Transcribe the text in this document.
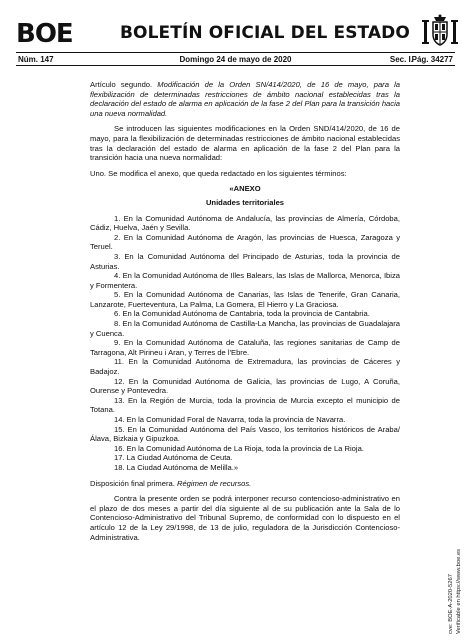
BOE	BOLETÍN OFICIAL DEL ESTADO
Núm. 147	Domingo 24 de mayo de 2020	Sec. I.
Pág. 34277

Artículo segundo. Modificación de la Orden SN/414/2020, de 16 de mayo, para la flexibilización de determinadas restricciones de ámbito nacional establecidas tras la declaración del estado de alarma en aplicación de la fase 2 del Plan para la transición hacia una nueva normalidad.

Se introducen las siguientes modificaciones en la Orden SND/414/2020, de 16 de mayo, para la flexibilización de determinadas restricciones de ámbito nacional establecidas tras la declaración del estado de alarma en aplicación de la fase 2 del Plan para la transición hacia una nueva normalidad:

Uno. Se modifica el anexo, que queda redactado en los siguientes términos:

«ANEXO

Unidades territoriales

1. En la Comunidad Autónoma de Andalucía, las provincias de Almería, Córdoba, Cádiz, Huelva, Jaén y Sevilla.

2. En la Comunidad Autónoma de Aragón, las provincias de Huesca, Zaragoza y Teruel.

3. En la Comunidad Autónoma del Principado de Asturias, toda la provincia de Asturias.

4. En la Comunidad Autónoma de Illes Balears, las Islas de Mallorca, Menorca, Ibiza y Formentera.

5. En la Comunidad Autónoma de Canarias, las Islas de Tenerife, Gran Canaria, Lanzarote, Fuerteventura, La Palma, La Gomera, El Hierro y La Graciosa.

6. En la Comunidad Autónoma de Cantabria, toda la provincia de Cantabria.

8. En la Comunidad Autónoma de Castilla-La Mancha, las provincias de Guadalajara y Cuenca.

9. En la Comunidad Autónoma de Cataluña, las regiones sanitarias de Camp de Tarragona, Alt Pirineu i Aran, y Terres de l'Ebre.

11. En la Comunidad Autónoma de Extremadura, las provincias de Cáceres y Badajoz.

12. En la Comunidad Autónoma de Galicia, las provincias de Lugo, A Coruña, Ourense y Pontevedra.

13. En la Región de Murcia, toda la provincia de Murcia excepto el municipio de Totana.

14. En la Comunidad Foral de Navarra, toda la provincia de Navarra.

15. En la Comunidad Autónoma del País Vasco, los territorios históricos de Araba/Álava, Bizkaia y Gipuzkoa.

16. En la Comunidad Autónoma de La Rioja, toda la provincia de La Rioja.

17. La Ciudad Autónoma de Ceuta.

18. La Ciudad Autónoma de Melilla.»

Disposición final primera. Régimen de recursos.

Contra la presente orden se podrá interponer recurso contencioso-administrativo en el plazo de dos meses a partir del día siguiente al de su publicación ante la Sala de lo Contencioso-Administrativo del Tribunal Supremo, de conformidad con lo dispuesto en el artículo 12 de la Ley 29/1998, de 13 de julio, reguladora de la Jurisdicción Contencioso-Administrativa.

cve: BOE-A-2020-5267 Verificable en https://www.boe.es
